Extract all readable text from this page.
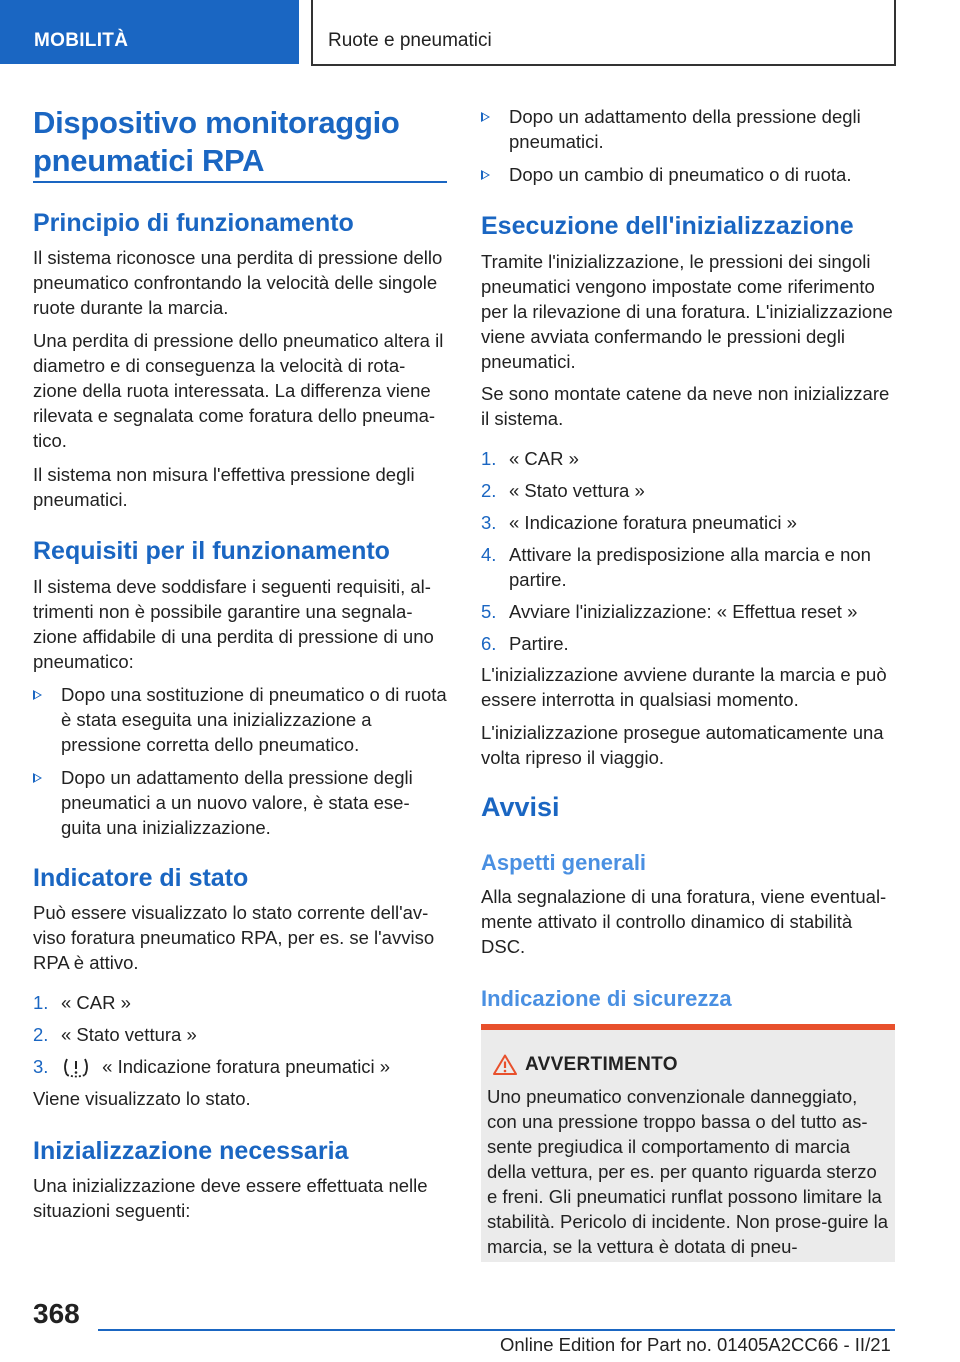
MOBILITÀ	Ruote e pneumatici
Dispositivo monitoraggio
pneumatici RPA
Principio di funzionamento
Il sistema riconosce una perdita di pressione dello pneumatico confrontando la velocità delle singole ruote durante la marcia.
Una perdita di pressione dello pneumatico altera il diametro e di conseguenza la velocità di rota-zione della ruota interessata. La differenza viene rilevata e segnalata come foratura dello pneuma-tico.
Il sistema non misura l'effettiva pressione degli pneumatici.
Requisiti per il funzionamento
Il sistema deve soddisfare i seguenti requisiti, al-trimenti non è possibile garantire una segnala-zione affidabile di una perdita di pressione di uno pneumatico:
Dopo una sostituzione di pneumatico o di ruota è stata eseguita una inizializzazione a pressione corretta dello pneumatico.
Dopo un adattamento della pressione degli pneumatici a un nuovo valore, è stata ese-guita una inizializzazione.
Indicatore di stato
Può essere visualizzato lo stato corrente dell'av-viso foratura pneumatico RPA, per es. se l'avviso RPA è attivo.
1. « CAR »
2. « Stato vettura »
3.	« Indicazione foratura pneumatici »
Viene visualizzato lo stato.
Inizializzazione necessaria
Una inizializzazione deve essere effettuata nelle situazioni seguenti:
Dopo un adattamento della pressione degli pneumatici.
Dopo un cambio di pneumatico o di ruota.
Esecuzione dell'inizializzazione
Tramite l'inizializzazione, le pressioni dei singoli pneumatici vengono impostate come riferimento per la rilevazione di una foratura. L'inizializzazione viene avviata confermando le pressioni degli pneumatici.
Se sono montate catene da neve non inizializzare il sistema.
1. « CAR »
2. « Stato vettura »
3. « Indicazione foratura pneumatici »
4. Attivare la predisposizione alla marcia e non partire.
5. Avviare l'inizializzazione: « Effettua reset »
6. Partire.
L'inizializzazione avviene durante la marcia e può essere interrotta in qualsiasi momento.
L'inizializzazione prosegue automaticamente una volta ripreso il viaggio.
Avvisi
Aspetti generali
Alla segnalazione di una foratura, viene eventual-mente attivato il controllo dinamico di stabilità DSC.
Indicazione di sicurezza
AVVERTIMENTO
Uno pneumatico convenzionale danneggiato, con una pressione troppo bassa o del tutto as-sente pregiudica il comportamento di marcia della vettura, per es. per quanto riguarda sterzo e freni. Gli pneumatici runflat possono limitare la stabilità. Pericolo di incidente. Non prose-guire la marcia, se la vettura è dotata di pneu-
368
Online Edition for Part no. 01405A2CC66 - II/21
